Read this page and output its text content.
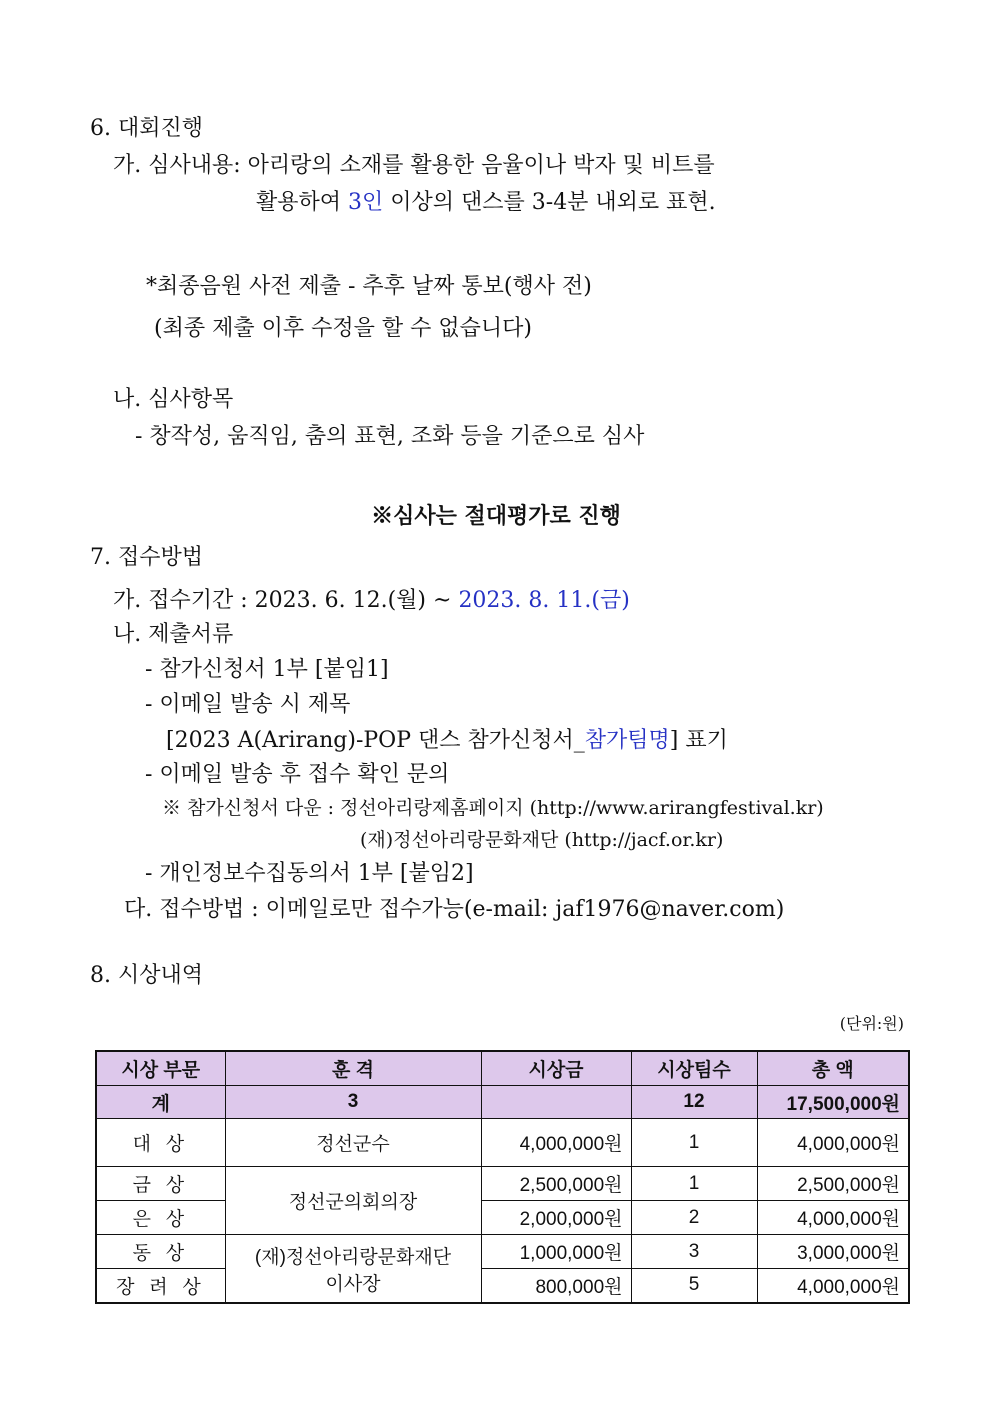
6. 대회진행
가. 심사내용: 아리랑의 소재를 활용한 음율이나 박자 및 비트를
활용하여 3인 이상의 댄스를 3-4분 내외로 표현.
*최종음원 사전 제출 - 추후 날짜 통보(행사 전)
(최종 제출 이후 수정을 할 수 없습니다)
나. 심사항목
- 창작성, 움직임, 춤의 표현, 조화 등을 기준으로 심사
※심사는 절대평가로 진행
7. 접수방법
가. 접수기간 : 2023. 6. 12.(월) ~ 2023. 8. 11.(금)
나. 제출서류
- 참가신청서 1부 [붙임1]
- 이메일 발송 시 제목
[2023 A(Arirang)-POP 댄스 참가신청서_참가팀명] 표기
- 이메일 발송 후 접수 확인 문의
※ 참가신청서 다운 : 정선아리랑제홈페이지 (http://www.arirangfestival.kr)
(재)정선아리랑문화재단 (http://jacf.or.kr)
- 개인정보수집동의서 1부 [붙임2]
다. 접수방법 : 이메일로만 접수가능(e-mail: jaf1976@naver.com)
8. 시상내역
(단위:원)
시상 부문	훈 격	시상금	시상팀수	총 액
계	3		12	17,500,000원
대 상	정선군수	4,000,000원	1	4,000,000원
금 상	정선군의회의장	2,500,000원	1	2,500,000원
은 상		2,000,000원	2	4,000,000원
동 상	(재)정선아리랑문화재단	1,000,000원	3	3,000,000원
장 려 상	이사장	800,000원	5	4,000,000원
